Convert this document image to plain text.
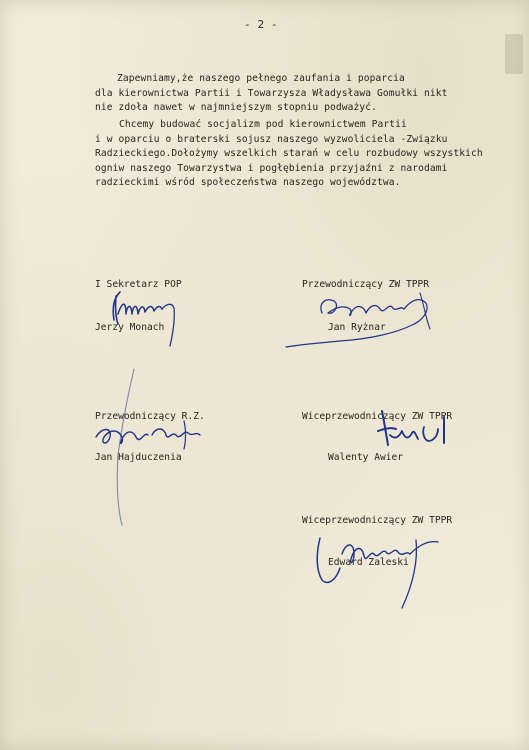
- 2 -
Zapewniamy,że naszego pełnego zaufania i poparcia
dla kierownictwa Partii i Towarzysza Władysława Gomułki nikt
nie zdoła nawet w najmniejszym stopniu podważyć.
Chcemy budować socjalizm pod kierownictwem Partii
i w oparciu o braterski sojusz naszego wyzwoliciela -Związku
Radzieckiego.Dołożymy wszelkich starań w celu rozbudowy wszystkich
ogniw naszego Towarzystwa i pogłębienia przyjaźni z narodami
radzieckimi wśród społeczeństwa naszego województwa.
I Sekretarz POP
Jerzy Monach
Przewodniczący ZW TPPR
Jan Ryżnar
Przewodniczący R.Z.
Jan Hajduczenia
Wiceprzewodniczący ZW TPPR
Walenty Awier
Wiceprzewodniczący ZW TPPR
Edward Zaleski
